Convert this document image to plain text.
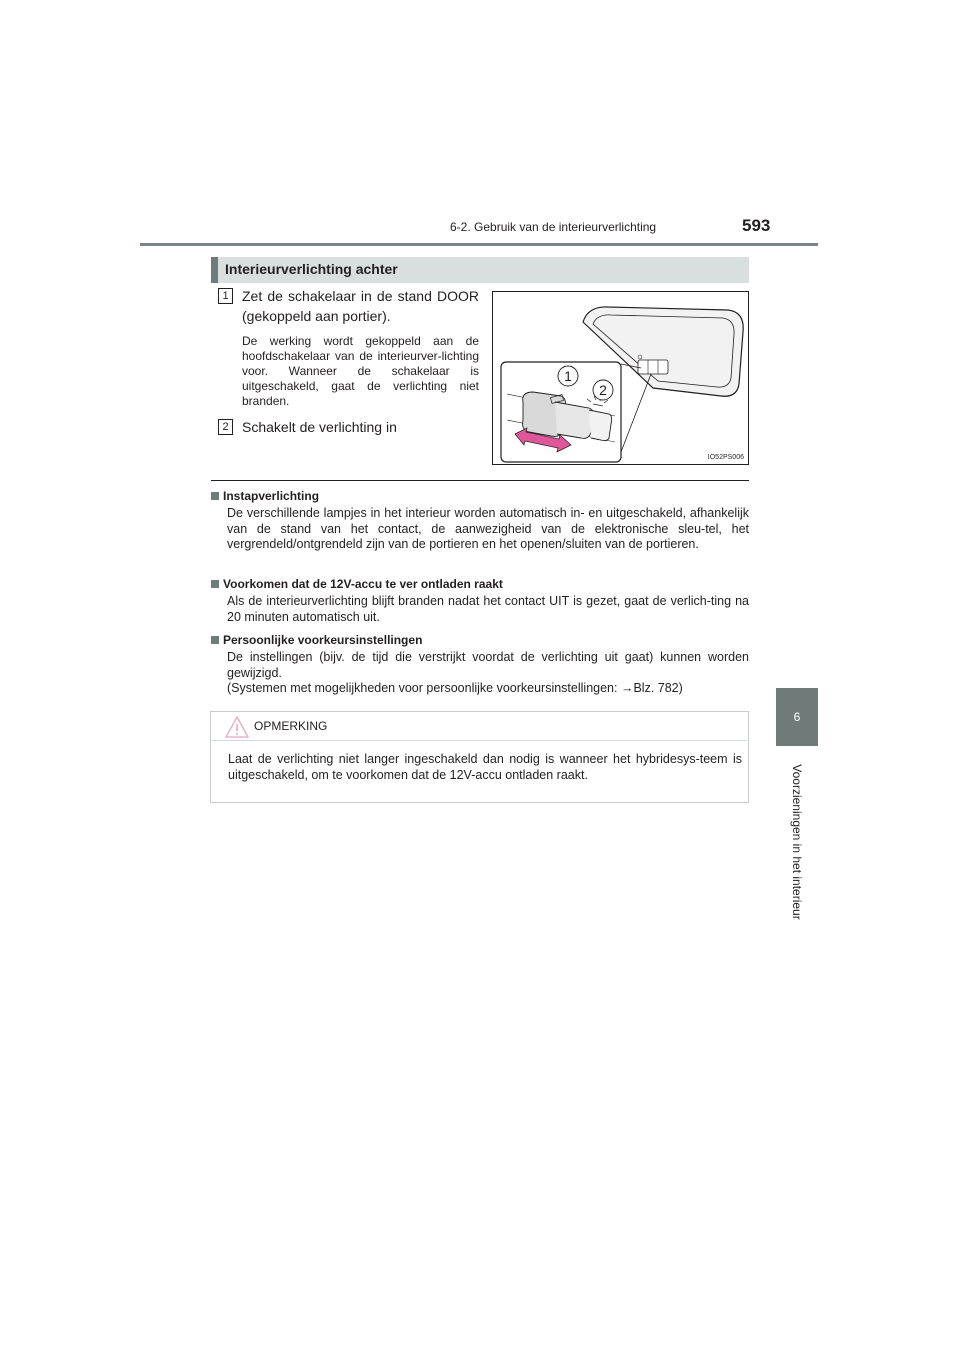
6-2. Gebruik van de interieurverlichting	593
6
Voorzieningen in het interieur
Interieurverlichting achter
1 Zet de schakelaar in de stand DOOR (gekoppeld aan portier).
De werking wordt gekoppeld aan de hoofdschakelaar van de interieurver-lichting voor. Wanneer de schakelaar is uitgeschakeld, gaat de verlichting niet branden.
2 Schakelt de verlichting in
1
2
IO52PS006
Instapverlichting
De verschillende lampjes in het interieur worden automatisch in- en uitgeschakeld, afhankelijk van de stand van het contact, de aanwezigheid van de elektronische sleu-tel, het vergrendeld/ontgrendeld zijn van de portieren en het openen/sluiten van de portieren.
Voorkomen dat de 12V-accu te ver ontladen raakt
Als de interieurverlichting blijft branden nadat het contact UIT is gezet, gaat de verlich-ting na 20 minuten automatisch uit.
Persoonlijke voorkeursinstellingen
De instellingen (bijv. de tijd die verstrijkt voordat de verlichting uit gaat) kunnen worden gewijzigd.
(Systemen met mogelijkheden voor persoonlijke voorkeursinstellingen: →Blz. 782)
OPMERKING
Laat de verlichting niet langer ingeschakeld dan nodig is wanneer het hybridesys-teem is uitgeschakeld, om te voorkomen dat de 12V-accu ontladen raakt.
